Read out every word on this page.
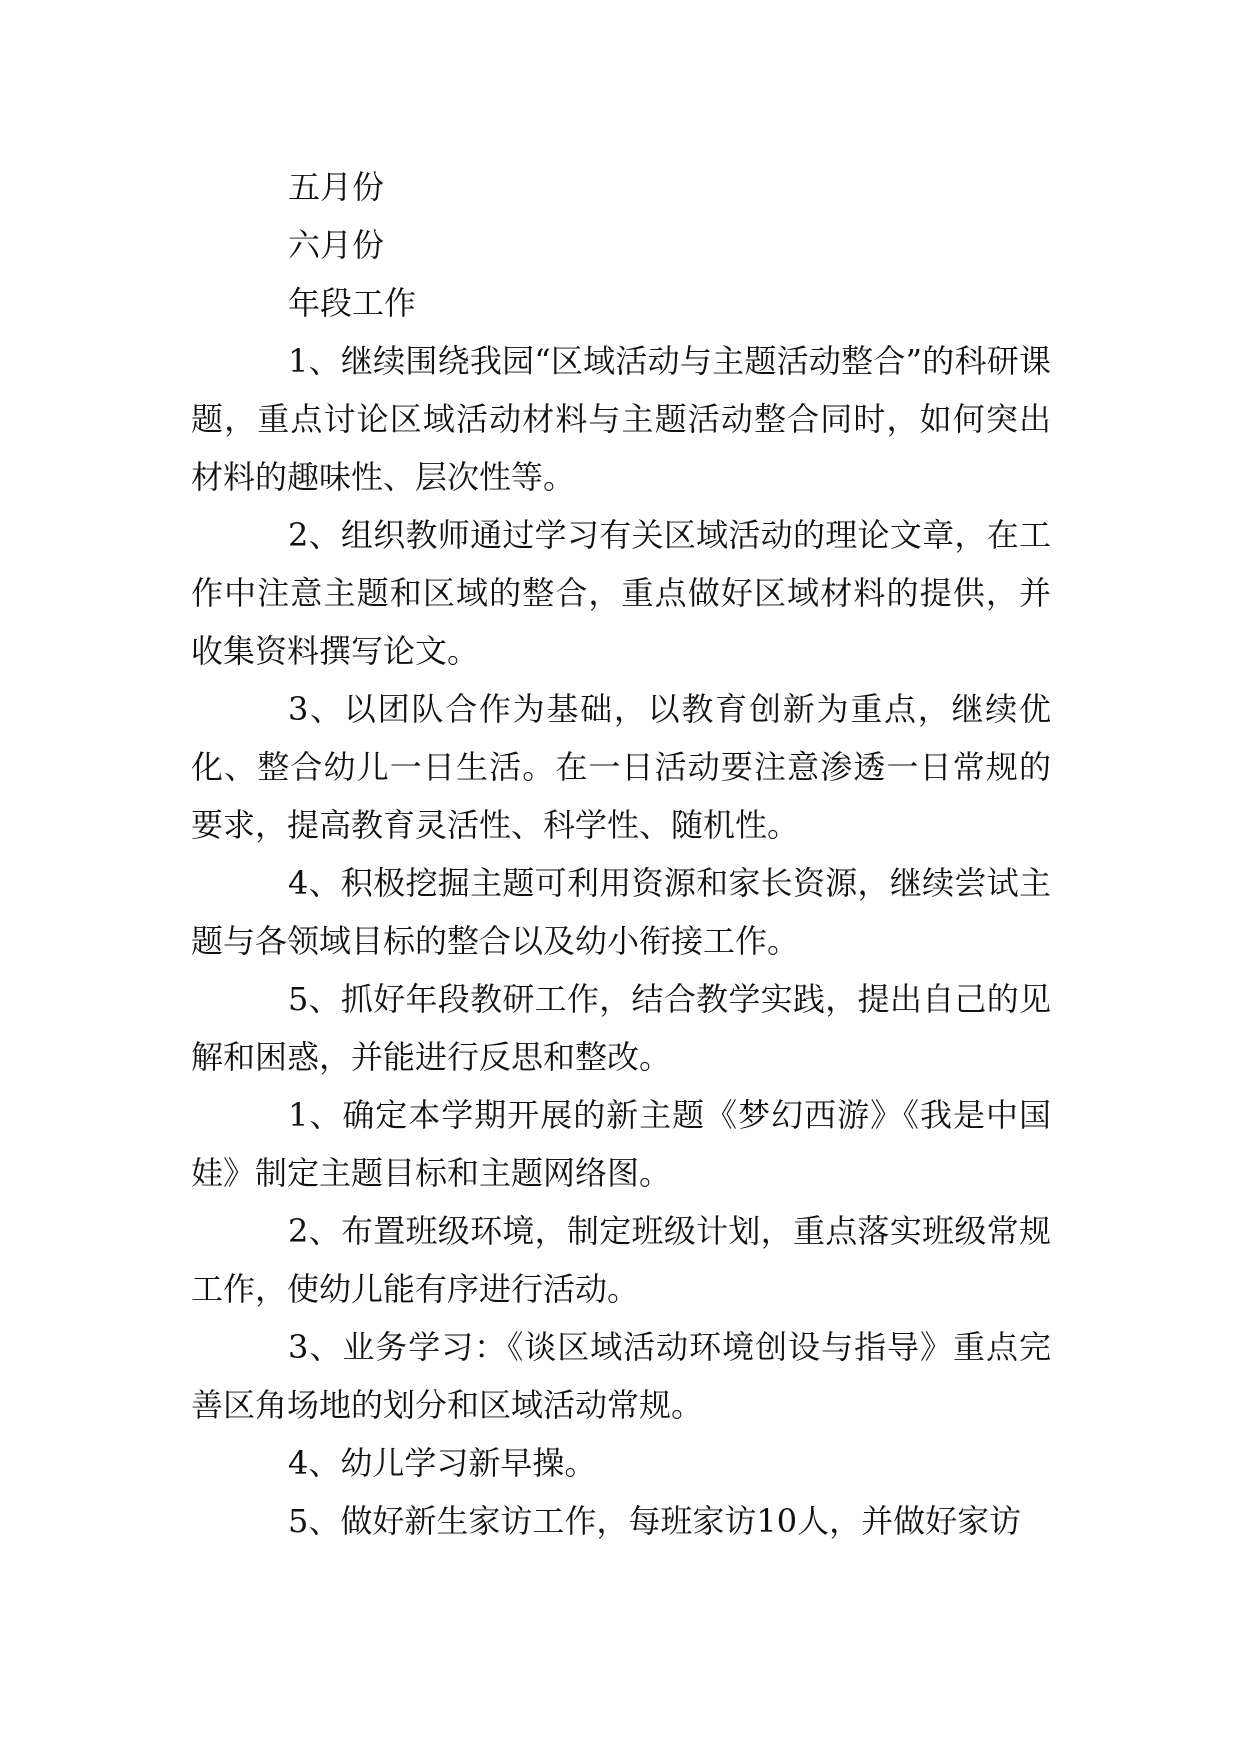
五月份
六月份
年段工作

1、继续围绕我园“区域活动与主题活动整合”的科研课题，重点讨论区域活动材料与主题活动整合同时，如何突出材料的趣味性、层次性等。

2、组织教师通过学习有关区域活动的理论文章，在工作中注意主题和区域的整合，重点做好区域材料的提供，并收集资料撰写论文。

3、以团队合作为基础，以教育创新为重点，继续优化、整合幼儿一日生活。在一日活动要注意渗透一日常规的要求，提高教育灵活性、科学性、随机性。

4、积极挖掘主题可利用资源和家长资源，继续尝试主题与各领域目标的整合以及幼小衔接工作。

5、抓好年段教研工作，结合教学实践，提出自己的见解和困惑，并能进行反思和整改。

1、确定本学期开展的新主题《梦幻西游》《我是中国娃》制定主题目标和主题网络图。

2、布置班级环境，制定班级计划，重点落实班级常规工作，使幼儿能有序进行活动。

3、业务学习：《谈区域活动环境创设与指导》重点完善区角场地的划分和区域活动常规。

4、幼儿学习新早操。

5、做好新生家访工作，每班家访10人，并做好家访
